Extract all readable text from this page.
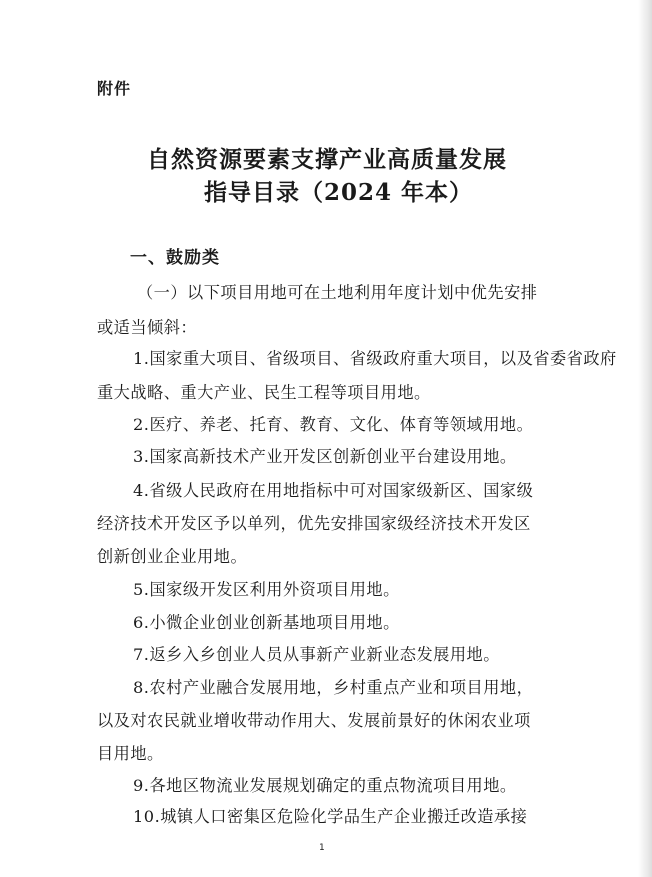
附件
自然资源要素支撑产业高质量发展
指导目录（2024 年本）
一、鼓励类
（一）以下项目用地可在土地利用年度计划中优先安排
或适当倾斜：
1.国家重大项目、省级项目、省级政府重大项目，以及省委省政府
重大战略、重大产业、民生工程等项目用地。
2.医疗、养老、托育、教育、文化、体育等领域用地。
3.国家高新技术产业开发区创新创业平台建设用地。
4.省级人民政府在用地指标中可对国家级新区、国家级
经济技术开发区予以单列，优先安排国家级经济技术开发区
创新创业企业用地。
5.国家级开发区利用外资项目用地。
6.小微企业创业创新基地项目用地。
7.返乡入乡创业人员从事新产业新业态发展用地。
8.农村产业融合发展用地，乡村重点产业和项目用地，
以及对农民就业增收带动作用大、发展前景好的休闲农业项
目用地。
9.各地区物流业发展规划确定的重点物流项目用地。
10.城镇人口密集区危险化学品生产企业搬迁改造承接
1
